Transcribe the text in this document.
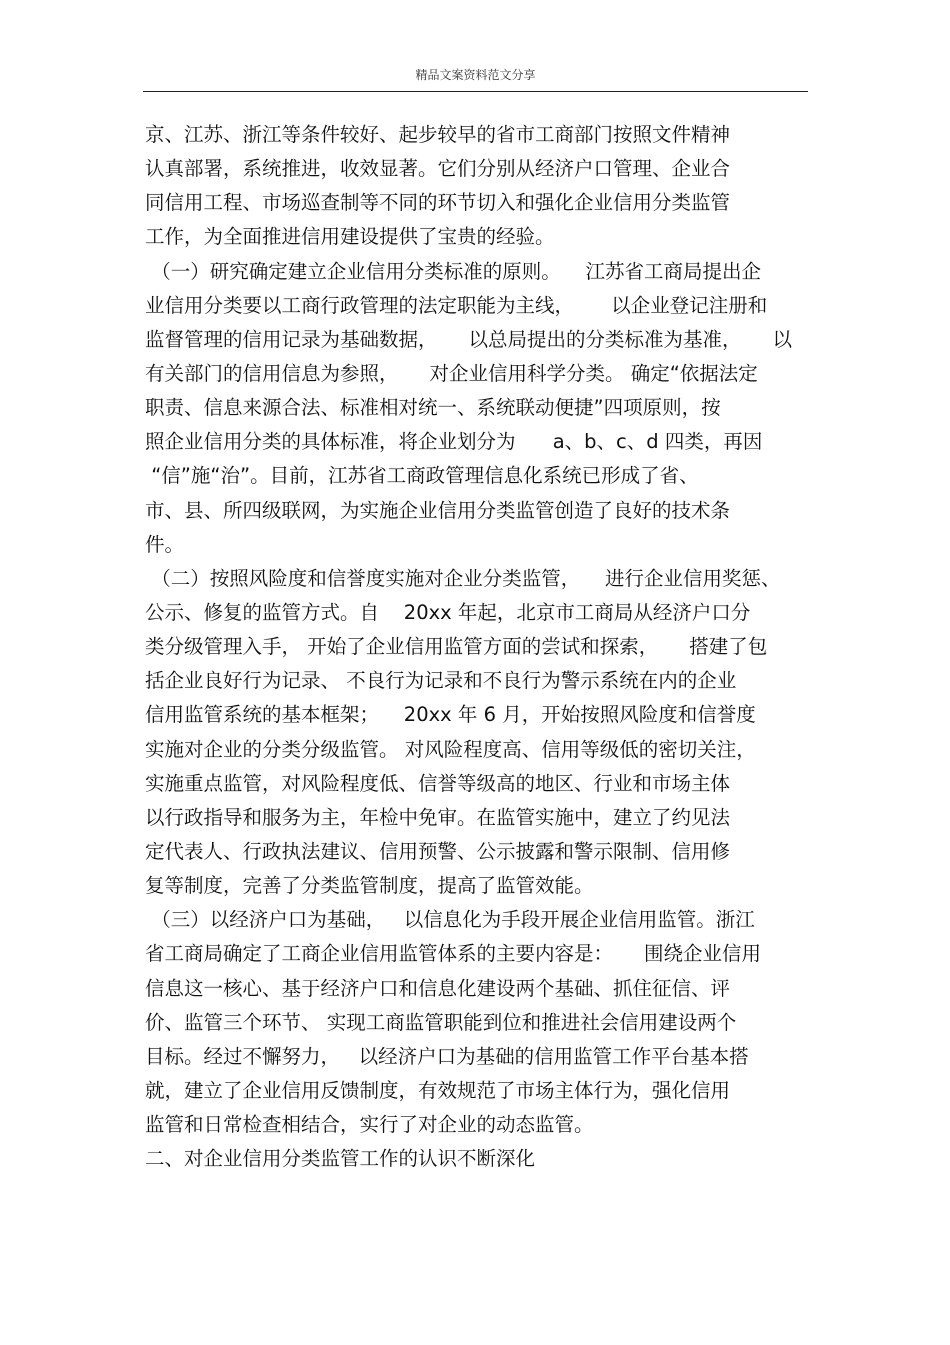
精品文案资料范文分享
京、江苏、浙江等条件较好、起步较早的省市工商部门按照文件精神
认真部署，系统推进，收效显著。它们分别从经济户口管理、企业合
同信用工程、市场巡查制等不同的环节切入和强化企业信用分类监管
工作，为全面推进信用建设提供了宝贵的经验。
（一）研究确定建立企业信用分类标准的原则。    江苏省工商局提出企
业信用分类要以工商行政管理的法定职能为主线，      以企业登记注册和
监督管理的信用记录为基础数据，     以总局提出的分类标准为基准，     以
有关部门的信用信息为参照，     对企业信用科学分类。 确定“依据法定
职责、信息来源合法、标准相对统一、系统联动便捷”四项原则，按
照企业信用分类的具体标准，将企业划分为      a、b、c、d 四类，再因
“信”施“治”。目前，江苏省工商政管理信息化系统已形成了省、
市、县、所四级联网，为实施企业信用分类监管创造了良好的技术条
件。
（二）按照风险度和信誉度实施对企业分类监管，    进行企业信用奖惩、
公示、修复的监管方式。自    20xx 年起，北京市工商局从经济户口分
类分级管理入手， 开始了企业信用监管方面的尝试和探索，     搭建了包
括企业良好行为记录、 不良行为记录和不良行为警示系统在内的企业
信用监管系统的基本框架；    20xx 年 6 月，开始按照风险度和信誉度
实施对企业的分类分级监管。 对风险程度高、信用等级低的密切关注，
实施重点监管，对风险程度低、信誉等级高的地区、行业和市场主体
以行政指导和服务为主，年检中免审。在监管实施中，建立了约见法
定代表人、行政执法建议、信用预警、公示披露和警示限制、信用修
复等制度，完善了分类监管制度，提高了监管效能。
（三）以经济户口为基础，   以信息化为手段开展企业信用监管。浙江
省工商局确定了工商企业信用监管体系的主要内容是：     围绕企业信用
信息这一核心、基于经济户口和信息化建设两个基础、抓住征信、评
价、监管三个环节、 实现工商监管职能到位和推进社会信用建设两个
目标。经过不懈努力，   以经济户口为基础的信用监管工作平台基本搭
就，建立了企业信用反馈制度，有效规范了市场主体行为，强化信用
监管和日常检查相结合，实行了对企业的动态监管。
二、对企业信用分类监管工作的认识不断深化
